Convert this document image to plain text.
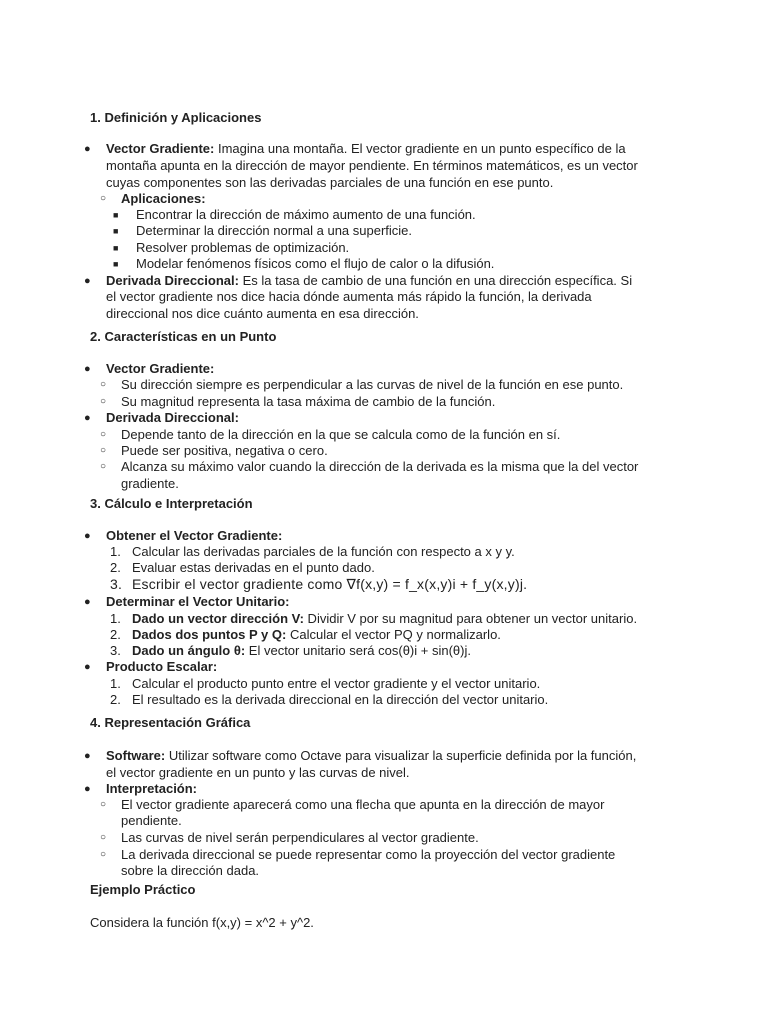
1. Definición y Aplicaciones
● Vector Gradiente: Imagina una montaña. El vector gradiente en un punto específico de la
montaña apunta en la dirección de mayor pendiente. En términos matemáticos, es un vector
cuyas componentes son las derivadas parciales de una función en ese punto.
○ Aplicaciones:
■ Encontrar la dirección de máximo aumento de una función.
■ Determinar la dirección normal a una superficie.
■ Resolver problemas de optimización.
■ Modelar fenómenos físicos como el flujo de calor o la difusión.
● Derivada Direccional: Es la tasa de cambio de una función en una dirección específica. Si
el vector gradiente nos dice hacia dónde aumenta más rápido la función, la derivada
direccional nos dice cuánto aumenta en esa dirección.
2. Características en un Punto
● Vector Gradiente:
○ Su dirección siempre es perpendicular a las curvas de nivel de la función en ese punto.
○ Su magnitud representa la tasa máxima de cambio de la función.
● Derivada Direccional:
○ Depende tanto de la dirección en la que se calcula como de la función en sí.
○ Puede ser positiva, negativa o cero.
○ Alcanza su máximo valor cuando la dirección de la derivada es la misma que la del vector
gradiente.
3. Cálculo e Interpretación
● Obtener el Vector Gradiente:
1. Calcular las derivadas parciales de la función con respecto a x y y.
2. Evaluar estas derivadas en el punto dado.
3. Escribir el vector gradiente como ∇f(x,y) = f_x(x,y)i + f_y(x,y)j.
● Determinar el Vector Unitario:
1. Dado un vector dirección V: Dividir V por su magnitud para obtener un vector unitario.
2. Dados dos puntos P y Q: Calcular el vector PQ y normalizarlo.
3. Dado un ángulo θ: El vector unitario será cos(θ)i + sin(θ)j.
● Producto Escalar:
1. Calcular el producto punto entre el vector gradiente y el vector unitario.
2. El resultado es la derivada direccional en la dirección del vector unitario.
4. Representación Gráfica
● Software: Utilizar software como Octave para visualizar la superficie definida por la función,
el vector gradiente en un punto y las curvas de nivel.
● Interpretación:
○ El vector gradiente aparecerá como una flecha que apunta en la dirección de mayor
pendiente.
○ Las curvas de nivel serán perpendiculares al vector gradiente.
○ La derivada direccional se puede representar como la proyección del vector gradiente
sobre la dirección dada.
Ejemplo Práctico
Considera la función f(x,y) = x^2 + y^2.
